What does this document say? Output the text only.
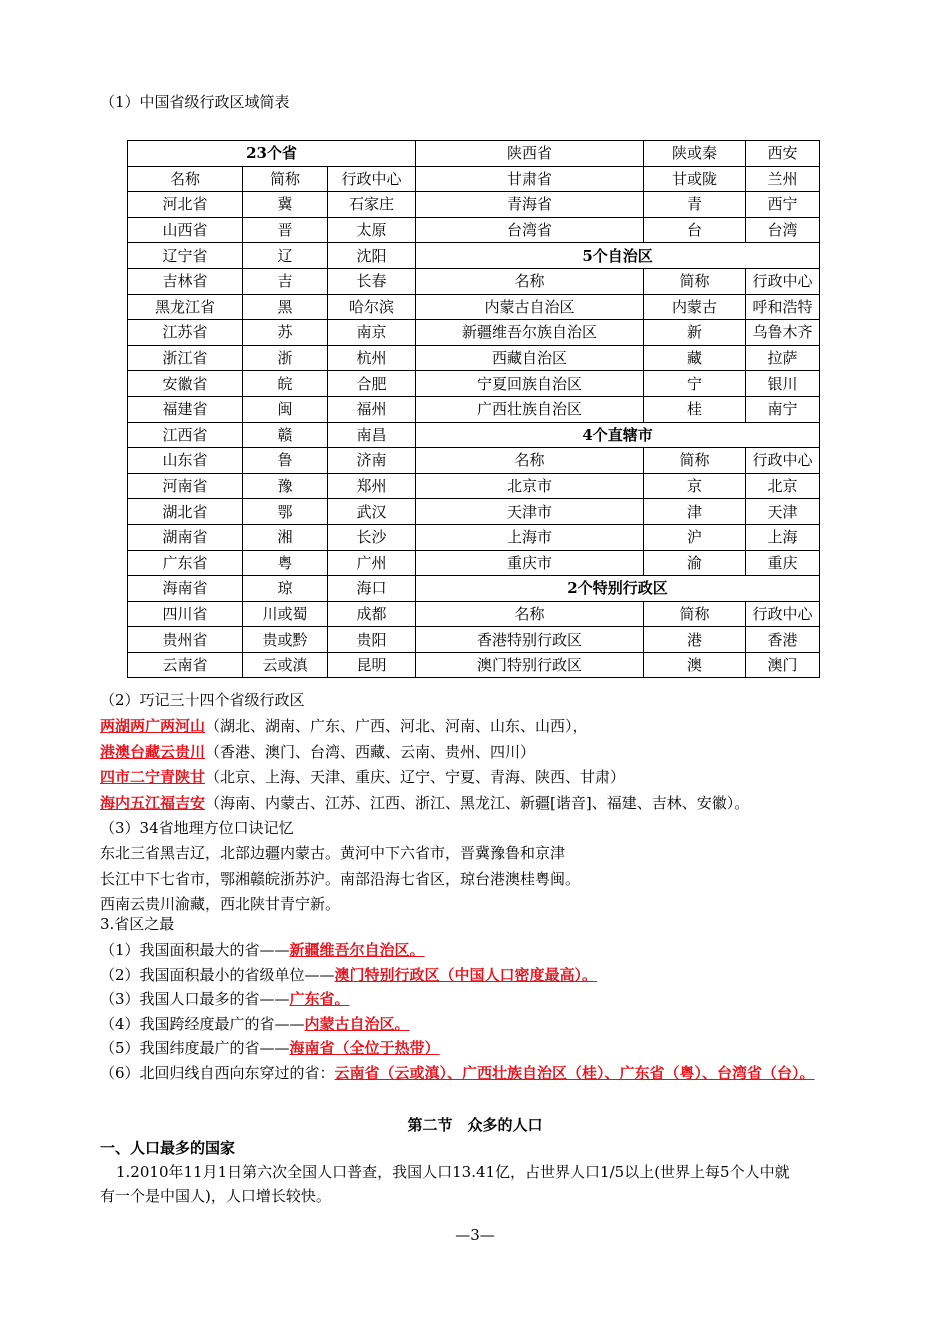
（1）中国省级行政区域简表
23个省			陕西省	陕或秦	西安
名称	简称	行政中心	甘肃省	甘或陇	兰州
河北省	冀	石家庄	青海省	青	西宁
山西省	晋	太原	台湾省	台	台湾
辽宁省	辽	沈阳	5个自治区		
吉林省	吉	长春	名称	简称	行政中心
黑龙江省	黑	哈尔滨	内蒙古自治区	内蒙古	呼和浩特
江苏省	苏	南京	新疆维吾尔族自治区	新	乌鲁木齐
浙江省	浙	杭州	西藏自治区	藏	拉萨
安徽省	皖	合肥	宁夏回族自治区	宁	银川
福建省	闽	福州	广西壮族自治区	桂	南宁
江西省	赣	南昌	4个直辖市		
山东省	鲁	济南	名称	简称	行政中心
河南省	豫	郑州	北京市	京	北京
湖北省	鄂	武汉	天津市	津	天津
湖南省	湘	长沙	上海市	沪	上海
广东省	粤	广州	重庆市	渝	重庆
海南省	琼	海口	2个特别行政区		
四川省	川或蜀	成都	名称	简称	行政中心
贵州省	贵或黔	贵阳	香港特别行政区	港	香港
云南省	云或滇	昆明	澳门特别行政区	澳	澳门
（2）巧记三十四个省级行政区
两湖两广两河山（湖北、湖南、广东、广西、河北、河南、山东、山西），
港澳台藏云贵川（香港、澳门、台湾、西藏、云南、贵州、四川）
四市二宁青陕甘（北京、上海、天津、重庆、辽宁、宁夏、青海、陕西、甘肃）
海内五江福吉安（海南、内蒙古、江苏、江西、浙江、黑龙江、新疆[谐音]、福建、吉林、安徽）。
（3）34省地理方位口诀记忆
东北三省黑吉辽，北部边疆内蒙古。黄河中下六省市，晋冀豫鲁和京津
长江中下七省市，鄂湘赣皖浙苏沪。南部沿海七省区，琼台港澳桂粤闽。
西南云贵川渝藏，西北陕甘青宁新。
3.省区之最
（1）我国面积最大的省——新疆维吾尔自治区。
（2）我国面积最小的省级单位——澳门特别行政区（中国人口密度最高）。
（3）我国人口最多的省——广东省。
（4）我国跨经度最广的省——内蒙古自治区。
（5）我国纬度最广的省——海南省（全位于热带）
（6）北回归线自西向东穿过的省：云南省（云或滇）、广西壮族自治区（桂）、广东省（粤）、台湾省（台）。
第二节　众多的人口
一、人口最多的国家
1.2010年11月1日第六次全国人口普查，我国人口13.41亿，占世界人口1/5以上(世界上每5个人中就
有一个是中国人)，人口增长较快。
—3—
